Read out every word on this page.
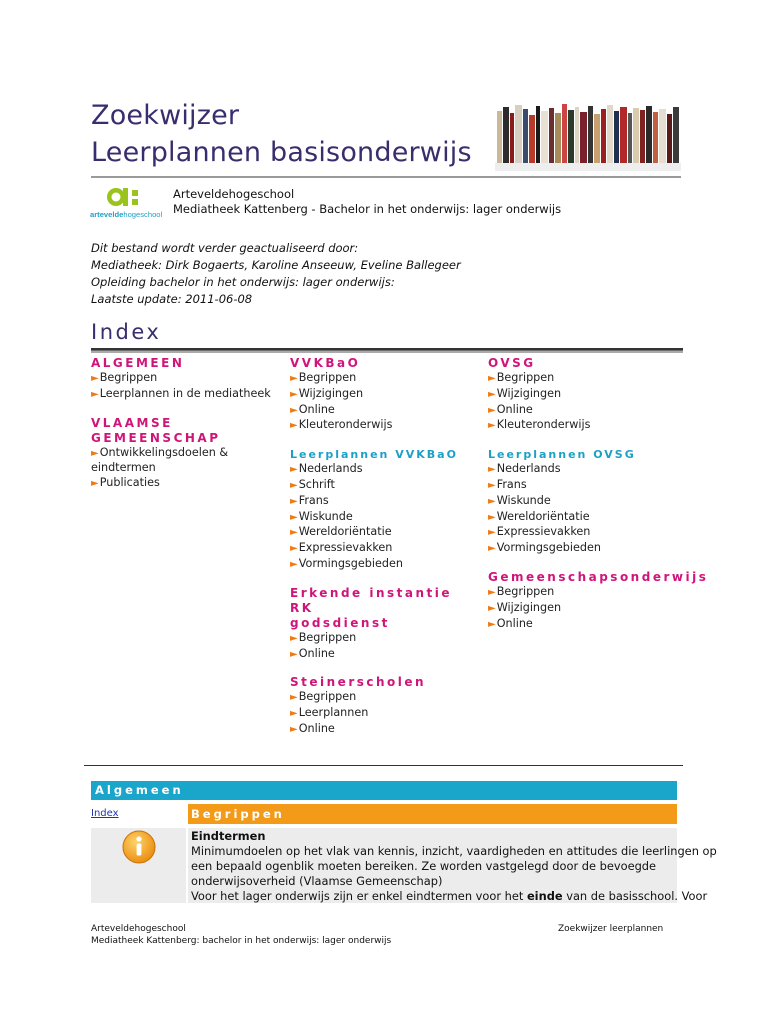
Zoekwijzer
Leerplannen basisonderwijs
arteveldehogeschool
Arteveldehogeschool
Mediatheek Kattenberg - Bachelor in het onderwijs: lager onderwijs
Dit bestand wordt verder geactualiseerd door:
Mediatheek: Dirk Bogaerts, Karoline Anseeuw, Eveline Ballegeer
Opleiding bachelor in het onderwijs: lager onderwijs:
Laatste update: 2011-06-08
Index
ALGEMEEN
►Begrippen
►Leerplannen in de mediatheek
VLAAMSE
GEMEENSCHAP
►Ontwikkelingsdoelen &
eindtermen
►Publicaties
VVKBaO
►Begrippen
►Wijzigingen
►Online
►Kleuteronderwijs
Leerplannen VVKBaO
►Nederlands
►Schrift
►Frans
►Wiskunde
►Wereldoriëntatie
►Expressievakken
►Vormingsgebieden
Erkende instantie RK
godsdienst
►Begrippen
►Online
Steinerscholen
►Begrippen
►Leerplannen
►Online
OVSG
►Begrippen
►Wijzigingen
►Online
►Kleuteronderwijs
Leerplannen OVSG
►Nederlands
►Frans
►Wiskunde
►Wereldoriëntatie
►Expressievakken
►Vormingsgebieden
Gemeenschapsonderwijs
►Begrippen
►Wijzigingen
►Online
Algemeen
Index	Begrippen
Eindtermen
Minimumdoelen op het vlak van kennis, inzicht, vaardigheden en attitudes die leerlingen op
een bepaald ogenblik moeten bereiken. Ze worden vastgelegd door de bevoegde
onderwijsoverheid (Vlaamse Gemeenschap)
Voor het lager onderwijs zijn er enkel eindtermen voor het einde van de basisschool. Voor
Arteveldehogeschool
Mediatheek Kattenberg: bachelor in het onderwijs: lager onderwijs
Zoekwijzer leerplannen
